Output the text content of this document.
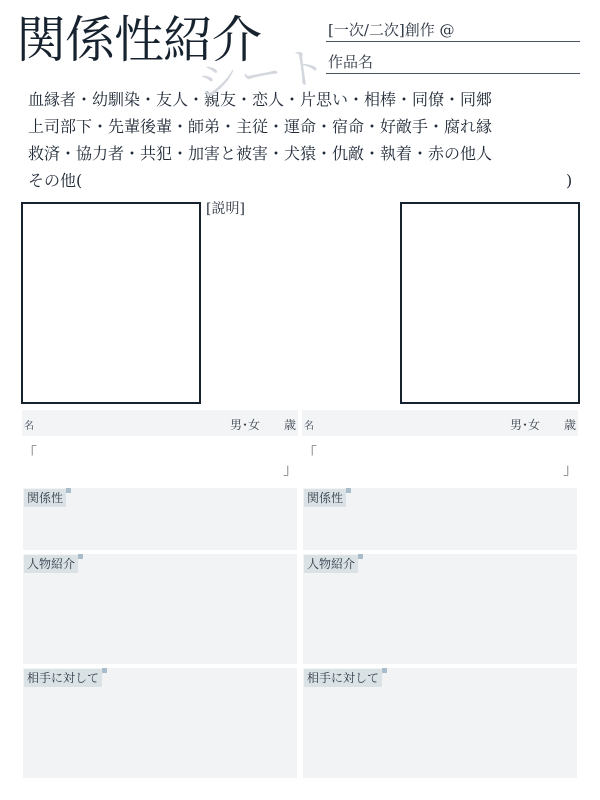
関係性紹介
シート
[一次/二次]創作 @
作品名
血縁者・幼馴染・友人・親友・恋人・片思い・相棒・同僚・同郷
上司部下・先輩後輩・師弟・主従・運命・宿命・好敵手・腐れ縁
救済・協力者・共犯・加害と被害・犬猿・仇敵・執着・赤の他人
その他(	)
[説明]
名	男･女 歳
「
」
関係性
人物紹介
相手に対して
名	男･女 歳
「
」
関係性
人物紹介
相手に対して
